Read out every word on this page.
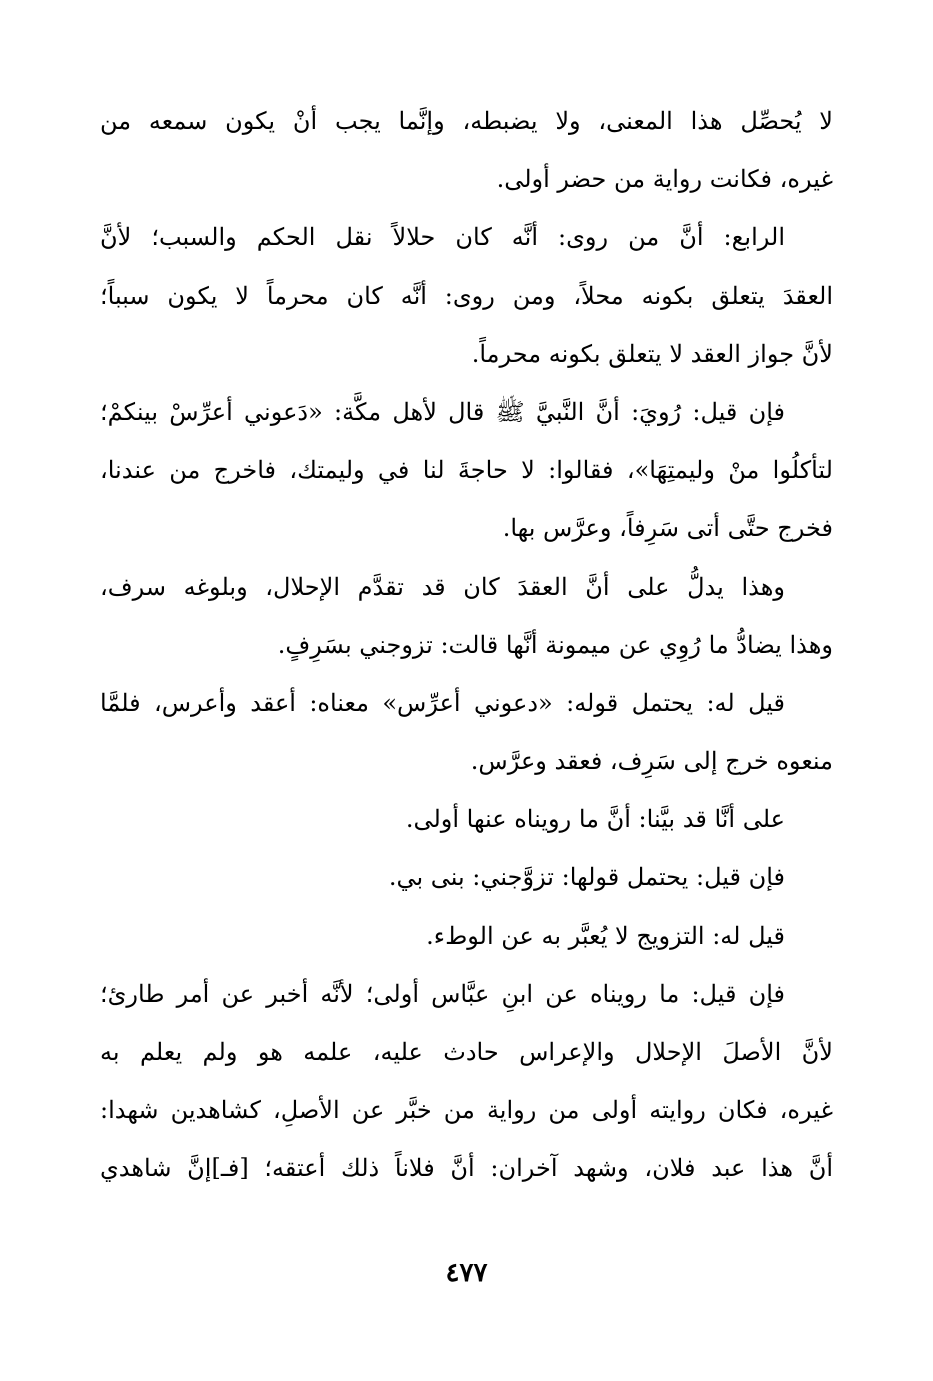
لا يُحصِّل هذا المعنى، ولا يضبطه، وإنَّما يجب أنْ يكون سمعه من
غيره، فكانت رواية من حضر أولى.
الرابع: أنَّ من روى: أنَّه كان حلالاً نقل الحكم والسبب؛ لأنَّ
العقدَ يتعلق بكونه محلاً، ومن روى: أنَّه كان محرماً لا يكون سبباً؛
لأنَّ جواز العقد لا يتعلق بكونه محرماً.
فإن قيل: رُويَ: أنَّ النَّبيَّ ﷺ قال لأهل مكَّة: «دَعوني أعرِّسْ بينكمْ؛
لتأكلُوا منْ وليمتِهَا»، فقالوا: لا حاجةَ لنا في وليمتك، فاخرج من عندنا،
فخرج حتَّى أتى سَرِفاً، وعرَّس بها.
وهذا يدلُّ على أنَّ العقدَ كان قد تقدَّم الإحلال، وبلوغه سرف،
وهذا يضادُّ ما رُوِي عن ميمونة أنَّها قالت: تزوجني بسَرِفٍ.
قيل له: يحتمل قوله: «دعوني أعرِّس» معناه: أعقد وأعرس، فلمَّا
منعوه خرج إلى سَرِف، فعقد وعرَّس.
على أنَّا قد بيَّنا: أنَّ ما رويناه عنها أولى.
فإن قيل: يحتمل قولها: تزوَّجني: بنى بي.
قيل له: التزويج لا يُعبَّر به عن الوطء.
فإن قيل: ما رويناه عن ابنِ عبَّاس أولى؛ لأنَّه أخبر عن أمر طارئ؛
لأنَّ الأصلَ الإحلال والإعراس حادث عليه، علمه هو ولم يعلم به
غيره، فكان روايته أولى من رواية من خبَّر عن الأصلِ، كشاهدين شهدا:
أنَّ هذا عبد فلان، وشهد آخران: أنَّ فلاناً ذلك أعتقه؛ [فـ]إنَّ شاهدي
٤٧٧
